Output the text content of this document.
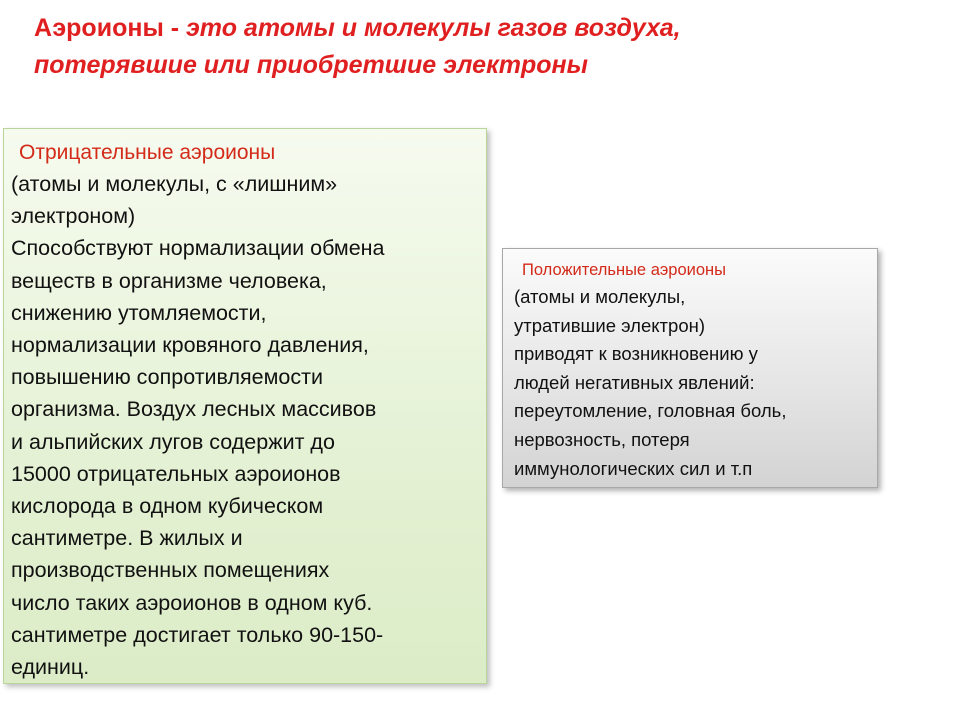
Аэроионы - это атомы и молекулы газов воздуха,
потерявшие или приобретшие электроны
Отрицательные аэроионы
(атомы и молекулы, с «лишним»
электроном)
Способствуют нормализации обмена
веществ в организме человека,
снижению утомляемости,
нормализации кровяного давления,
повышению сопротивляемости
организма. Воздух лесных массивов
и альпийских лугов содержит до
15000 отрицательных аэроионов
кислорода в одном кубическом
сантиметре. В жилых и
производственных помещениях
число таких аэроионов в одном куб.
сантиметре достигает только 90-150-
единиц.
Положительные аэроионы
(атомы и молекулы,
утратившие электрон)
приводят к возникновению у
людей негативных явлений:
переутомление, головная боль,
нервозность, потеря
иммунологических сил и т.п
